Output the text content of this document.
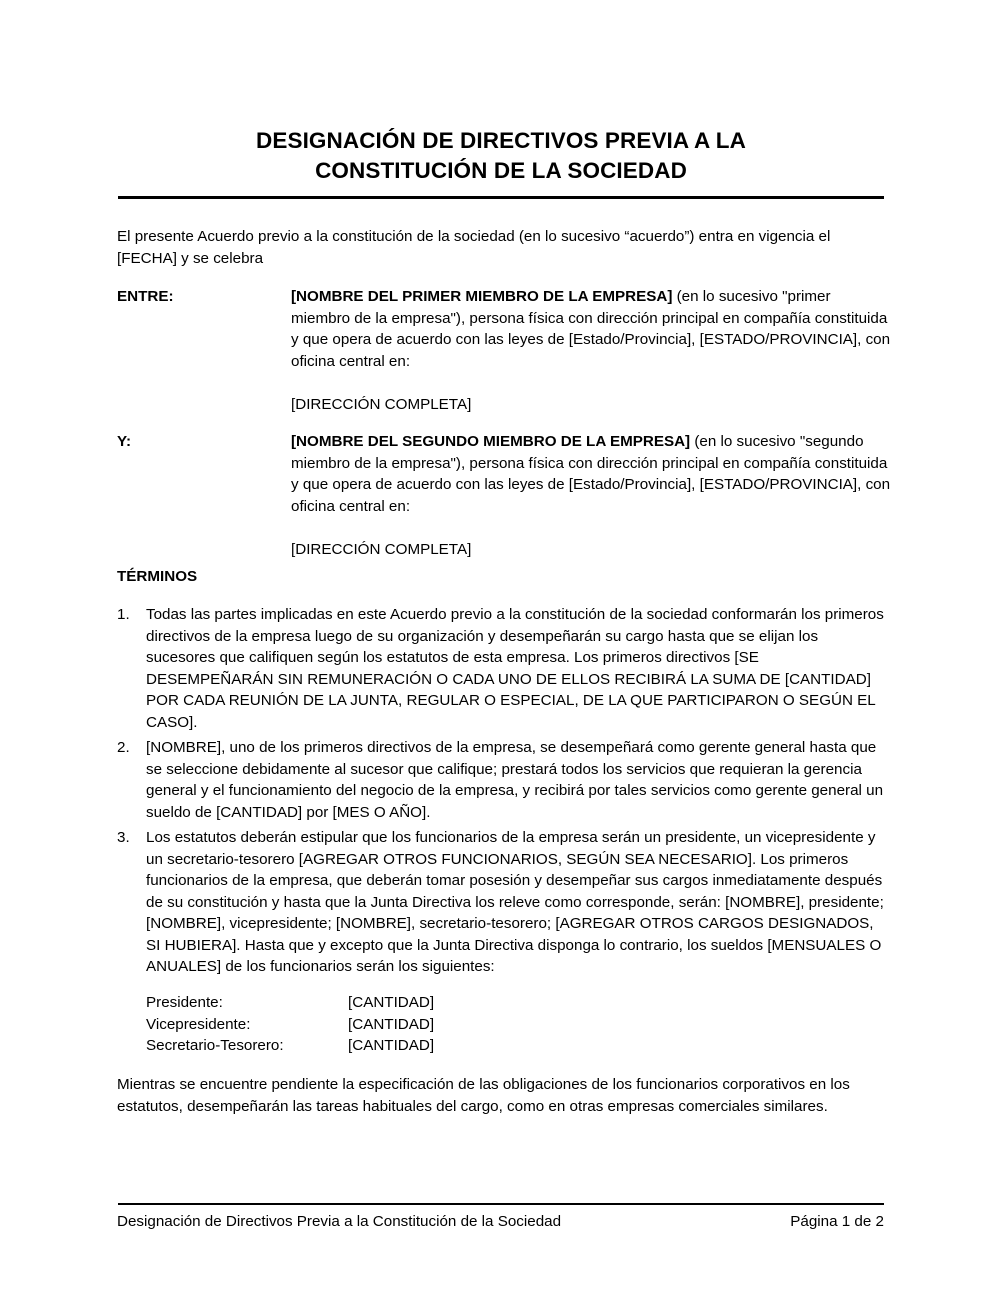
DESIGNACIÓN DE DIRECTIVOS PREVIA A LA
CONSTITUCIÓN DE LA SOCIEDAD
El presente Acuerdo previo a la constitución de la sociedad (en lo sucesivo “acuerdo”) entra en vigencia el [FECHA] y se celebra
ENTRE:	[NOMBRE DEL PRIMER MIEMBRO DE LA EMPRESA] (en lo sucesivo "primer miembro de la empresa"), persona física con dirección principal en compañía constituida y que opera de acuerdo con las leyes de [Estado/Provincia], [ESTADO/PROVINCIA], con oficina central en:
[DIRECCIÓN COMPLETA]
Y:	[NOMBRE DEL SEGUNDO MIEMBRO DE LA EMPRESA] (en lo sucesivo "segundo miembro de la empresa"), persona física con dirección principal en compañía constituida y que opera de acuerdo con las leyes de [Estado/Provincia], [ESTADO/PROVINCIA], con oficina central en:
[DIRECCIÓN COMPLETA]
TÉRMINOS
1.	Todas las partes implicadas en este Acuerdo previo a la constitución de la sociedad conformarán los primeros directivos de la empresa luego de su organización y desempeñarán su cargo hasta que se elijan los sucesores que califiquen según los estatutos de esta empresa. Los primeros directivos [SE DESEMPEÑARÁN SIN REMUNERACIÓN O CADA UNO DE ELLOS RECIBIRÁ LA SUMA DE [CANTIDAD] POR CADA REUNIÓN DE LA JUNTA, REGULAR O ESPECIAL, DE LA QUE PARTICIPARON O SEGÚN EL CASO].
2.	[NOMBRE], uno de los primeros directivos de la empresa, se desempeñará como gerente general hasta que se seleccione debidamente al sucesor que califique; prestará todos los servicios que requieran la gerencia general y el funcionamiento del negocio de la empresa, y recibirá por tales servicios como gerente general un sueldo de [CANTIDAD] por [MES O AÑO].
3.	Los estatutos deberán estipular que los funcionarios de la empresa serán un presidente, un vicepresidente y un secretario-tesorero [AGREGAR OTROS FUNCIONARIOS, SEGÚN SEA NECESARIO]. Los primeros funcionarios de la empresa, que deberán tomar posesión y desempeñar sus cargos inmediatamente después de su constitución y hasta que la Junta Directiva los releve como corresponde, serán: [NOMBRE], presidente; [NOMBRE], vicepresidente; [NOMBRE], secretario-tesorero; [AGREGAR OTROS CARGOS DESIGNADOS, SI HUBIERA]. Hasta que y excepto que la Junta Directiva disponga lo contrario, los sueldos [MENSUALES O ANUALES] de los funcionarios serán los siguientes:
Presidente:	[CANTIDAD]
Vicepresidente:	[CANTIDAD]
Secretario-Tesorero:	[CANTIDAD]
Mientras se encuentre pendiente la especificación de las obligaciones de los funcionarios corporativos en los estatutos, desempeñarán las tareas habituales del cargo, como en otras empresas comerciales similares.
Designación de Directivos Previa a la Constitución de la Sociedad	Página 1 de 2
